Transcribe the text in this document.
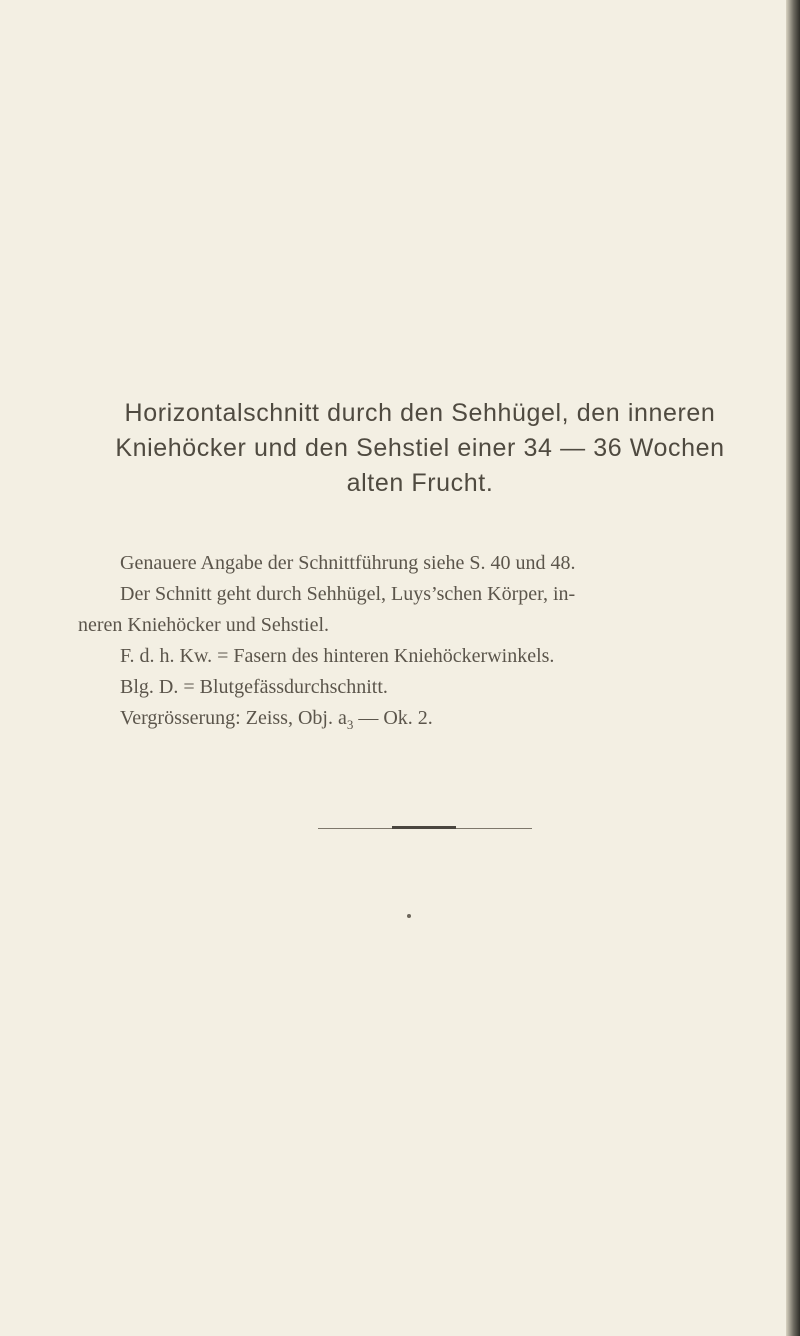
Horizontalschnitt durch den Sehhügel, den inneren
Kniehöcker und den Sehstiel einer 34 — 36 Wochen
alten Frucht.

Genauere Angabe der Schnittführung siehe S. 40 und 48.

Der Schnitt geht durch Sehhügel, Luys’schen Körper, in-

neren Kniehöcker und Sehstiel.

F. d. h. Kw. = Fasern des hinteren Kniehöckerwinkels.

Blg. D. = Blutgefässdurchschnitt.

Vergrösserung: Zeiss, Obj. $a_3$ — Ok. 2.
